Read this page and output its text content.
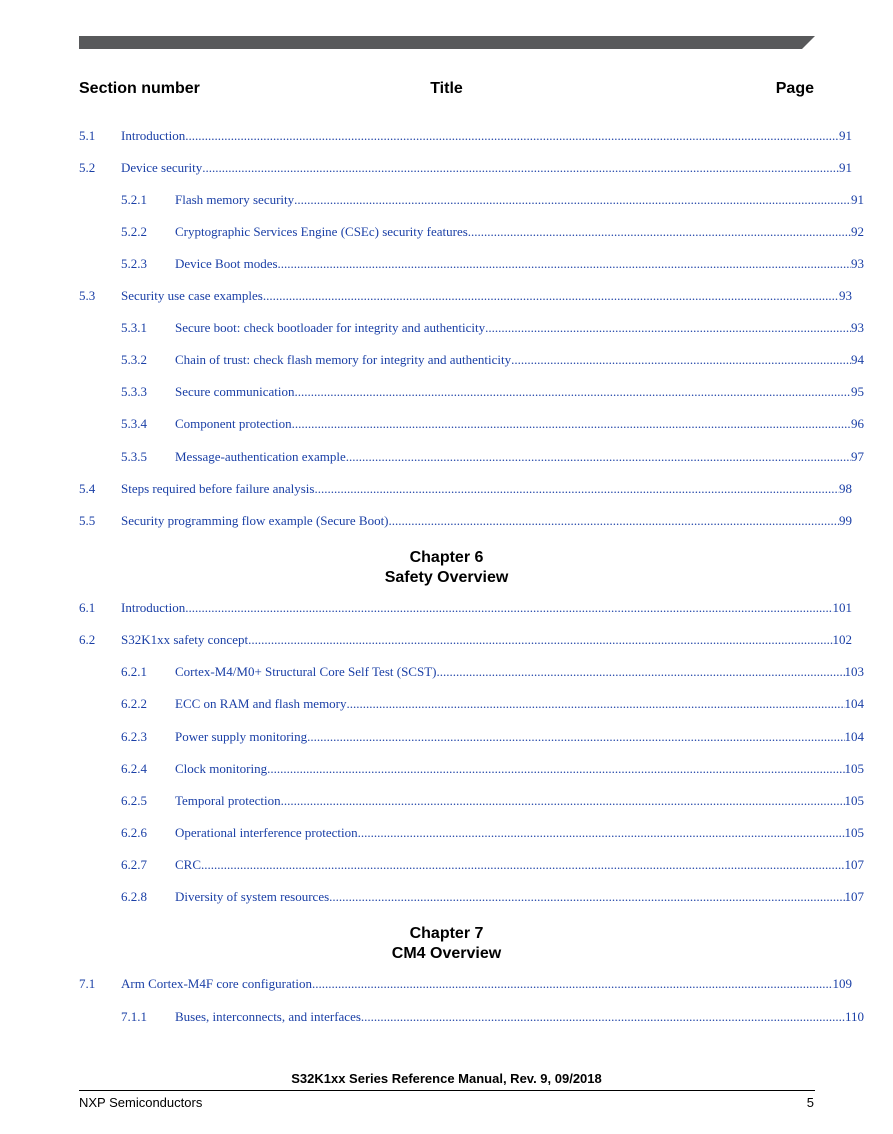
Section number	Title	Page
5.1 Introduction .....	91
5.2 Device security .....	91
5.2.1 Flash memory security .....	91
5.2.2 Cryptographic Services Engine (CSEc) security features .....	92
5.2.3 Device Boot modes .....	93
5.3 Security use case examples .....	93
5.3.1 Secure boot: check bootloader for integrity and authenticity .....	93
5.3.2 Chain of trust: check flash memory for integrity and authenticity .....	94
5.3.3 Secure communication .....	95
5.3.4 Component protection .....	96
5.3.5 Message-authentication example .....	97
5.4 Steps required before failure analysis .....	98
5.5 Security programming flow example (Secure Boot) .....	99
Chapter 6
Safety Overview
6.1 Introduction .....	101
6.2 S32K1xx safety concept .....	102
6.2.1 Cortex-M4/M0+ Structural Core Self Test (SCST) .....	103
6.2.2 ECC on RAM and flash memory .....	104
6.2.3 Power supply monitoring .....	104
6.2.4 Clock monitoring .....	105
6.2.5 Temporal protection .....	105
6.2.6 Operational interference protection .....	105
6.2.7 CRC .....	107
6.2.8 Diversity of system resources .....	107
Chapter 7
CM4 Overview
7.1 Arm Cortex-M4F core configuration .....	109
7.1.1 Buses, interconnects, and interfaces .....	110
S32K1xx Series Reference Manual, Rev. 9, 09/2018
NXP Semiconductors	5
